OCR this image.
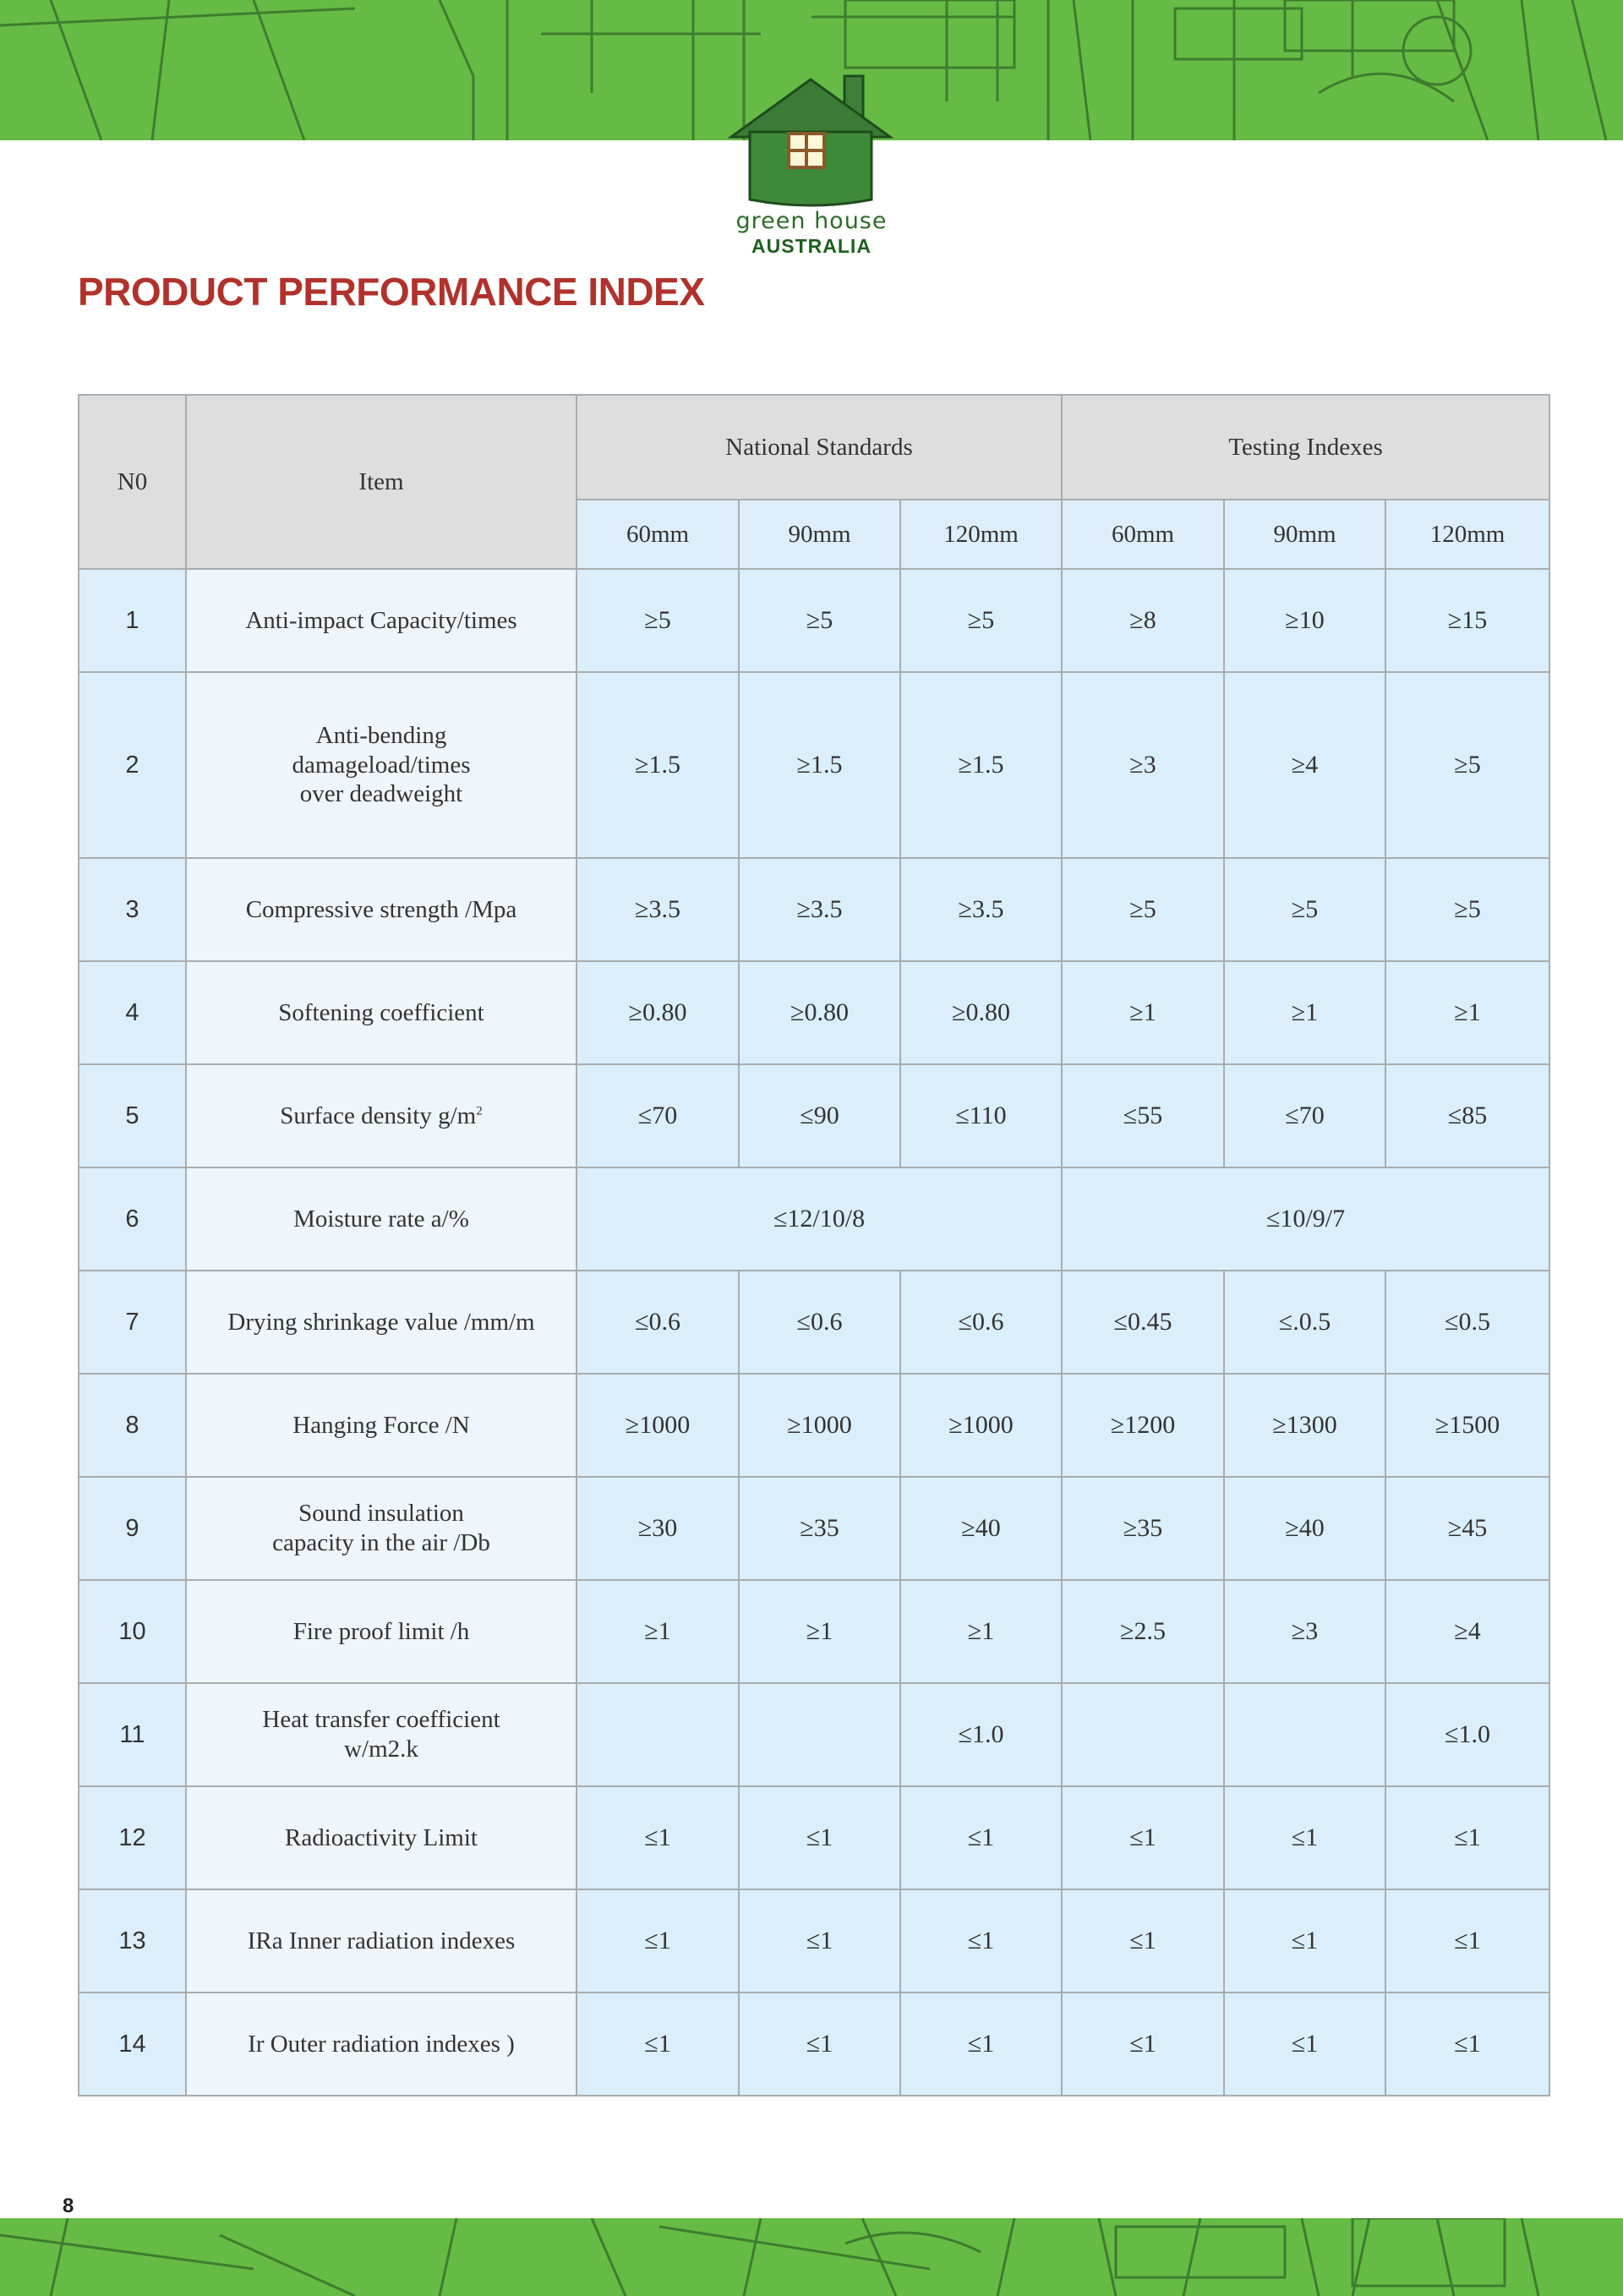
green house
AUSTRALIA
PRODUCT PERFORMANCE INDEX
N0	Item	National Standards			Testing Indexes		
		60mm	90mm	120mm	60mm	90mm	120mm
1	Anti-impact Capacity/times	≥5	≥5	≥5	≥8	≥10	≥15
2	Anti-bending
damageload/times
over deadweight	≥1.5	≥1.5	≥1.5	≥3	≥4	≥5
3	Compressive strength /Mpa	≥3.5	≥3.5	≥3.5	≥5	≥5	≥5
4	Softening coefficient	≥0.80	≥0.80	≥0.80	≥1	≥1	≥1
5	Surface density $g/m^2$	≤70	≤90	≤110	≤55	≤70	≤85
6	Moisture rate a/%	≤12/10/8			≤10/9/7		
7	Drying shrinkage value /mm/m	≤0.6	≤0.6	≤0.6	≤0.45	≤.0.5	≤0.5
8	Hanging Force /N	≥1000	≥1000	≥1000	≥1200	≥1300	≥1500
9	Sound insulation
capacity in the air /Db	≥30	≥35	≥40	≥35	≥40	≥45
10	Fire proof limit /h	≥1	≥1	≥1	≥2.5	≥3	≥4
11	Heat transfer coefficient
w/m2.k			≤1.0			≤1.0
12	Radioactivity Limit	≤1	≤1	≤1	≤1	≤1	≤1
13	IRa Inner radiation indexes	≤1	≤1	≤1	≤1	≤1	≤1
14	Ir Outer radiation indexes )	≤1	≤1	≤1	≤1	≤1	≤1
8
